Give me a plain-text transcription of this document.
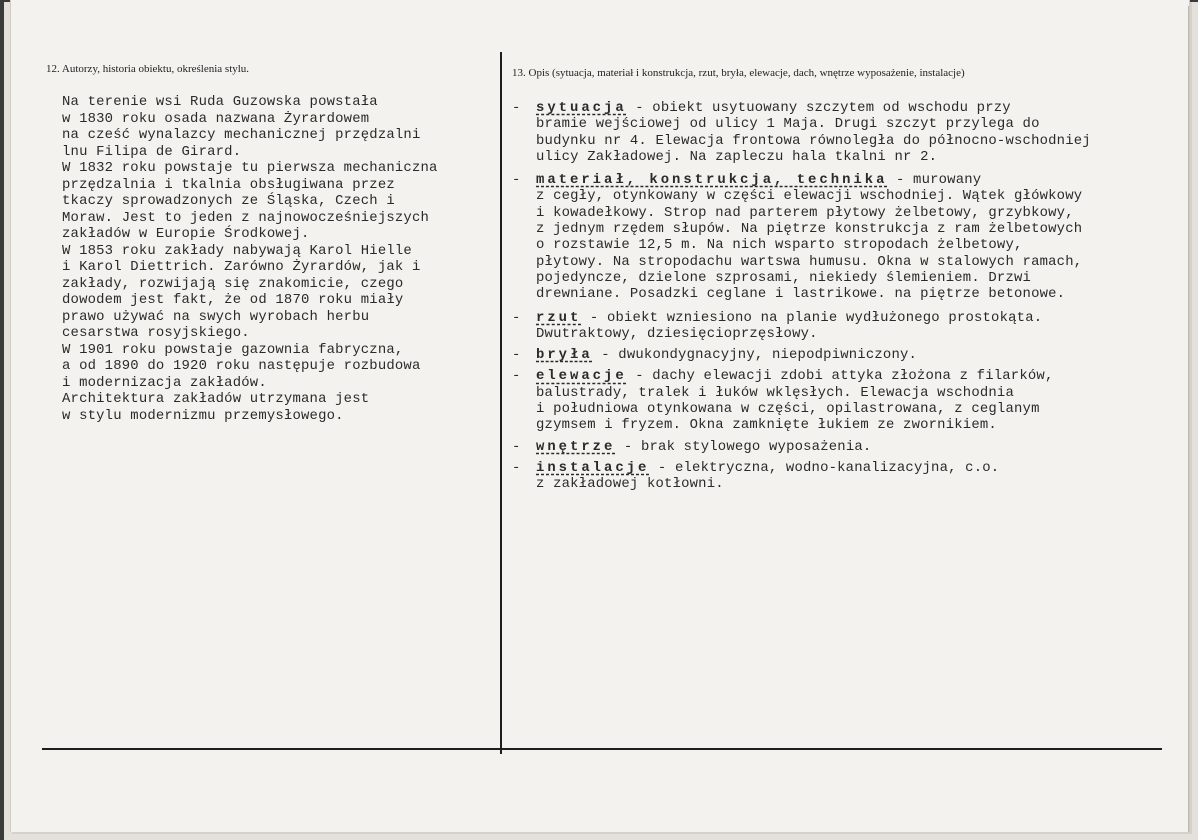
12. Autorzy, historia obiektu, określenia stylu.	13. Opis (sytuacja, materiał i konstrukcja, rzut, bryła, elewacje, dach, wnętrze wyposażenie, instalacje)
Na terenie wsi Ruda Guzowska powstała
w 1830 roku osada nazwana Żyrardowem
na cześć wynalazcy mechanicznej przędzalni
lnu Filipa de Girard.
W 1832 roku powstaje tu pierwsza mechaniczna
przędzalnia i tkalnia obsługiwana przez
tkaczy sprowadzonych ze Śląska, Czech i
Moraw. Jest to jeden z najnowocześniejszych
zakładów w Europie Środkowej.
W 1853 roku zakłady nabywają Karol Hielle
i Karol Diettrich. Zarówno Żyrardów, jak i
zakłady, rozwijają się znakomicie, czego
dowodem jest fakt, że od 1870 roku miały
prawo używać na swych wyrobach herbu
cesarstwa rosyjskiego.
W 1901 roku powstaje gazownia fabryczna,
a od 1890 do 1920 roku następuje rozbudowa
i modernizacja zakładów.
Architektura zakładów utrzymana jest
w stylu modernizmu przemysłowego.
- sytuacja - obiekt usytuowany szczytem od wschodu przy
bramie wejściowej od ulicy 1 Maja. Drugi szczyt przylega do
budynku nr 4. Elewacja frontowa równoległa do północno-wschodniej
ulicy Zakładowej. Na zapleczu hala tkalni nr 2.
- materiał, konstrukcja, technika - murowany
z cegły, otynkowany w części elewacji wschodniej. Wątek główkowy
i kowadełkowy. Strop nad parterem płytowy żelbetowy, grzybkowy,
z jednym rzędem słupów. Na piętrze konstrukcja z ram żelbetowych
o rozstawie 12,5 m. Na nich wsparto stropodach żelbetowy,
płytowy. Na stropodachu wartswa humusu. Okna w stalowych ramach,
pojedyncze, dzielone szprosami, niekiedy ślemieniem. Drzwi
drewniane. Posadzki ceglane i lastrikowe. na piętrze betonowe.
- rzut - obiekt wzniesiono na planie wydłużonego prostokąta.
Dwutraktowy, dziesięcioprzęsłowy.
- bryła - dwukondygnacyjny, niepodpiwniczony.
- elewacje - dachy elewacji zdobi attyka złożona z filarków,
balustrady, tralek i łuków wklęsłych. Elewacja wschodnia
i południowa otynkowana w części, opilastrowana, z ceglanym
gzymsem i fryzem. Okna zamknięte łukiem ze zwornikiem.
- wnętrze - brak stylowego wyposażenia.
- instalacje - elektryczna, wodno-kanalizacyjna, c.o.
z zakładowej kotłowni.
